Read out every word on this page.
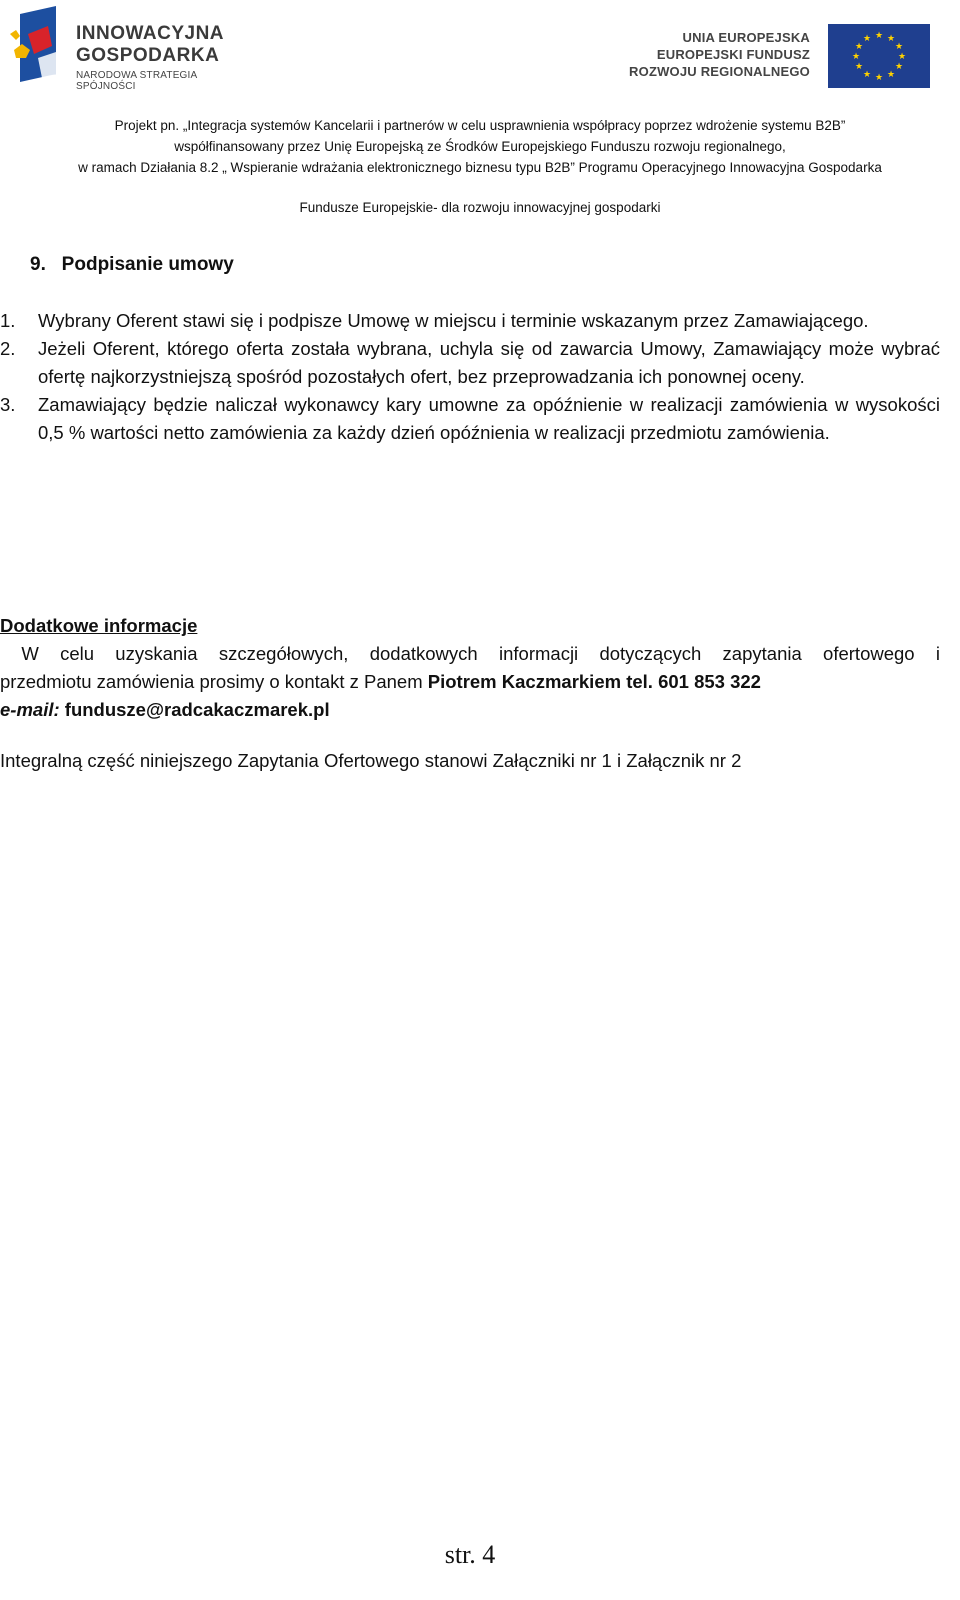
INNOWACYJNA
GOSPODARKA
NARODOWA STRATEGIA SPÓJNOŚCI
UNIA EUROPEJSKA
EUROPEJSKI FUNDUSZ
ROZWOJU REGIONALNEGO
★ ★
★
★
★
★
★
★
★
★
★
★
Projekt pn. „Integracja systemów Kancelarii i partnerów w celu usprawnienia współpracy poprzez wdrożenie systemu B2B”
współfinansowany przez Unię Europejską ze Środków Europejskiego Funduszu rozwoju regionalnego,
w ramach Działania 8.2 „ Wspieranie wdrażania elektronicznego biznesu typu B2B” Programu Operacyjnego Innowacyjna Gospodarka
Fundusze Europejskie- dla rozwoju innowacyjnej gospodarki
9.   Podpisanie umowy
1. Wybrany Oferent stawi się i podpisze Umowę w miejscu i terminie wskazanym przez Zamawiającego.
2. Jeżeli Oferent, którego oferta została wybrana, uchyla się od zawarcia Umowy, Zamawiający może wybrać ofertę najkorzystniejszą spośród pozostałych ofert, bez przeprowadzania ich ponownej oceny.
3. Zamawiający będzie naliczał wykonawcy kary umowne za opóźnienie w realizacji zamówienia w wysokości 0,5 % wartości netto zamówienia za każdy dzień opóźnienia w realizacji przedmiotu zamówienia.
Dodatkowe informacje
W celu uzyskania szczegółowych, dodatkowych informacji dotyczących zapytania ofertowego i
przedmiotu zamówienia prosimy o kontakt z Panem Piotrem Kaczmarkiem tel. 601 853 322
e-mail: fundusze@radcakaczmarek.pl
Integralną część niniejszego Zapytania Ofertowego stanowi Załączniki nr 1 i Załącznik nr 2
str. 4
